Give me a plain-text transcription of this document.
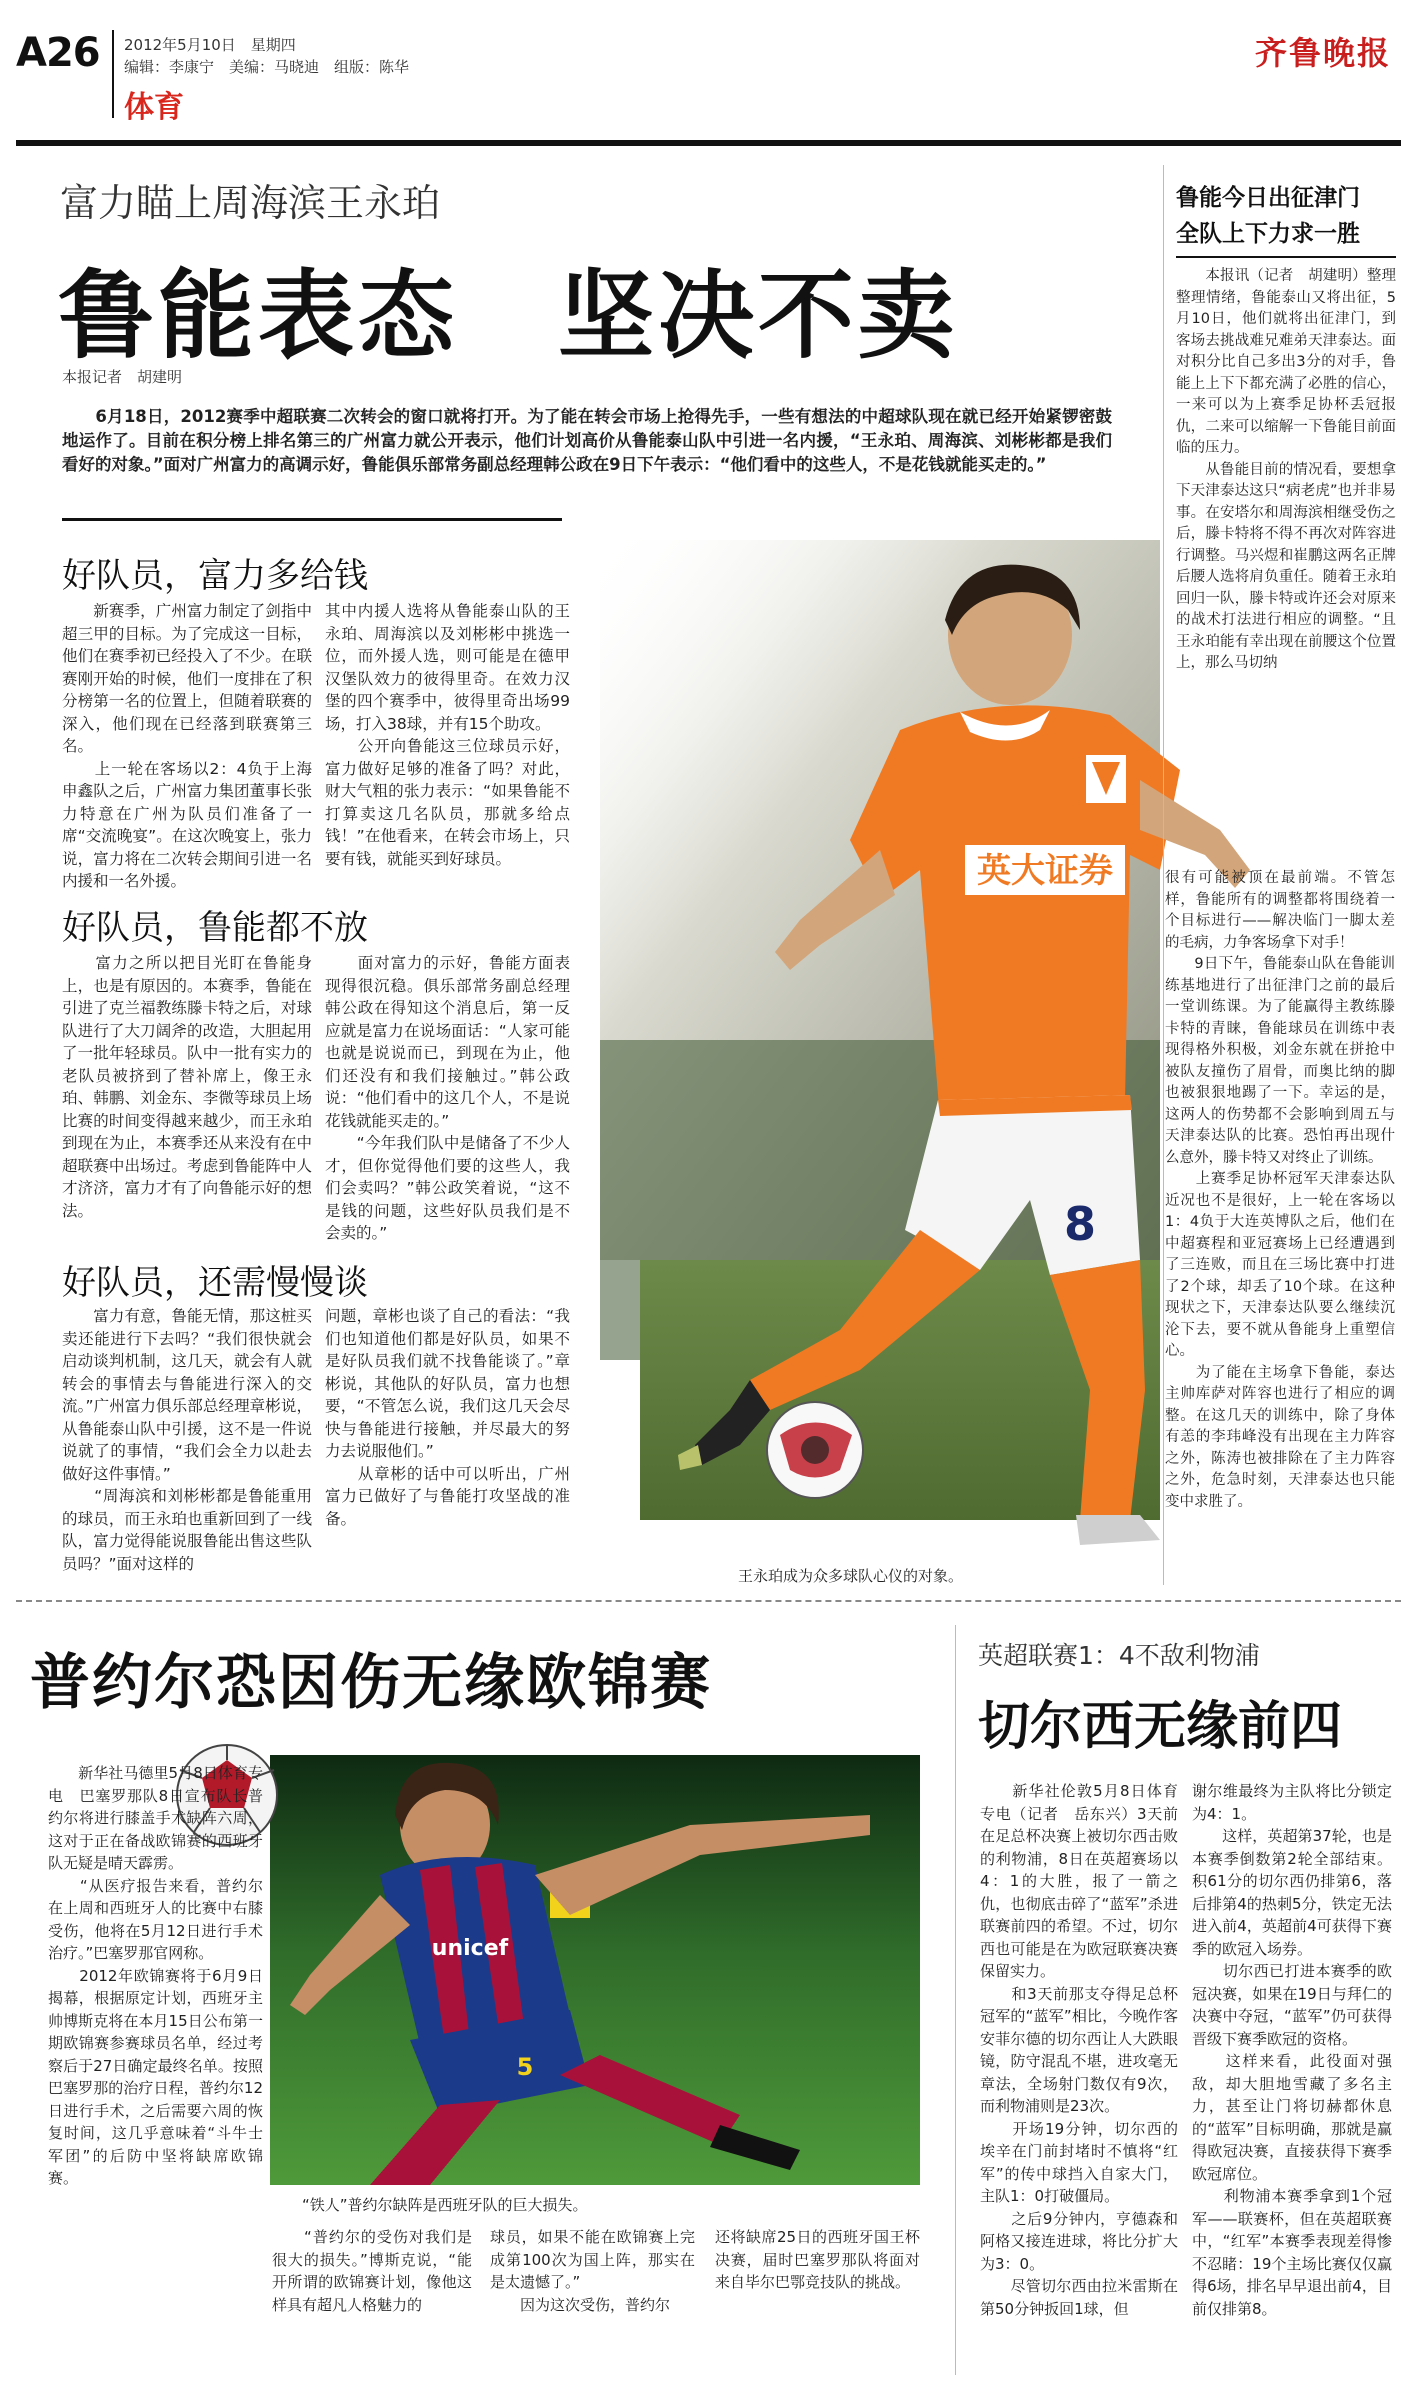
A26 2012年5月10日　星期四
编辑：李康宁　美编：马晓迪　组版：陈华
体育
齐鲁晚报
富力瞄上周海滨王永珀
鲁能表态　坚决不卖
本报记者　胡建明
　　6月18日，2012赛季中超联赛二次转会的窗口就将打开。为了能在转会市场上抢得先手，一些有想法的中超球队现在就已经开始紧锣密鼓地运作了。目前在积分榜上排名第三的广州富力就公开表示，他们计划高价从鲁能泰山队中引进一名内援，“王永珀、周海滨、刘彬彬都是我们看好的对象。”面对广州富力的高调示好，鲁能俱乐部常务副总经理韩公政在9日下午表示：“他们看中的这些人，不是花钱就能买走的。”
好队员，富力多给钱
　　新赛季，广州富力制定了剑指中超三甲的目标。为了完成这一目标，他们在赛季初已经投入了不少。在联赛刚开始的时候，他们一度排在了积分榜第一名的位置上，但随着联赛的深入，他们现在已经落到联赛第三名。
　　上一轮在客场以2：4负于上海申鑫队之后，广州富力集团董事长张力特意在广州为队员们准备了一席“交流晚宴”。在这次晚宴上，张力说，富力将在二次转会期间引进一名内援和一名外援。
其中内援人选将从鲁能泰山队的王永珀、周海滨以及刘彬彬中挑选一位，而外援人选，则可能是在德甲汉堡队效力的彼得里奇。在效力汉堡的四个赛季中，彼得里奇出场99场，打入38球，并有15个助攻。
　　公开向鲁能这三位球员示好，富力做好足够的准备了吗？对此，财大气粗的张力表示：“如果鲁能不打算卖这几名队员，那就多给点钱！”在他看来，在转会市场上，只要有钱，就能买到好球员。
好队员，鲁能都不放
　　富力之所以把目光盯在鲁能身上，也是有原因的。本赛季，鲁能在引进了克兰福教练滕卡特之后，对球队进行了大刀阔斧的改造，大胆起用了一批年轻球员。队中一批有实力的老队员被挤到了替补席上，像王永珀、韩鹏、刘金东、李微等球员上场比赛的时间变得越来越少，而王永珀到现在为止，本赛季还从来没有在中超联赛中出场过。考虑到鲁能阵中人才济济，富力才有了向鲁能示好的想法。
　　面对富力的示好，鲁能方面表现得很沉稳。俱乐部常务副总经理韩公政在得知这个消息后，第一反应就是富力在说场面话：“人家可能也就是说说而已，到现在为止，他们还没有和我们接触过。”韩公政说：“他们看中的这几个人，不是说花钱就能买走的。”
　　“今年我们队中是储备了不少人才，但你觉得他们要的这些人，我们会卖吗？”韩公政笑着说，“这不是钱的问题，这些好队员我们是不会卖的。”
好队员，还需慢慢谈
　　富力有意，鲁能无情，那这桩买卖还能进行下去吗？“我们很快就会启动谈判机制，这几天，就会有人就转会的事情去与鲁能进行深入的交流。”广州富力俱乐部总经理章彬说，从鲁能泰山队中引援，这不是一件说说就了的事情，“我们会全力以赴去做好这件事情。”
　　“周海滨和刘彬彬都是鲁能重用的球员，而王永珀也重新回到了一线队，富力觉得能说服鲁能出售这些队员吗？”面对这样的
问题，章彬也谈了自己的看法：“我们也知道他们都是好队员，如果不是好队员我们就不找鲁能谈了。”章彬说，其他队的好队员，富力也想要，“不管怎么说，我们这几天会尽快与鲁能进行接触，并尽最大的努力去说服他们。”
　　从章彬的话中可以听出，广州富力已做好了与鲁能打攻坚战的准备。
英大证券
8
王永珀成为众多球队心仪的对象。
鲁能今日出征津门
全队上下力求一胜
　　本报讯（记者　胡建明）整理整理情绪，鲁能泰山又将出征，5月10日，他们就将出征津门，到客场去挑战难兄难弟天津泰达。面对积分比自己多出3分的对手，鲁能上上下下都充满了必胜的信心，一来可以为上赛季足协杯丢冠报仇，二来可以缩解一下鲁能目前面临的压力。
　　从鲁能目前的情况看，要想拿下天津泰达这只“病老虎”也并非易事。在安塔尔和周海滨相继受伤之后，滕卡特将不得不再次对阵容进行调整。马兴煜和崔鹏这两名正牌后腰人选将肩负重任。随着王永珀回归一队，滕卡特或许还会对原来的战术打法进行相应的调整。“且王永珀能有幸出现在前腰这个位置上，那么马切纳
很有可能被顶在最前端。不管怎样，鲁能所有的调整都将围绕着一个目标进行——解决临门一脚太差的毛病，力争客场拿下对手！
　　9日下午，鲁能泰山队在鲁能训练基地进行了出征津门之前的最后一堂训练课。为了能赢得主教练滕卡特的青睐，鲁能球员在训练中表现得格外积极，刘金东就在拼抢中被队友撞伤了眉骨，而奥比纳的脚也被狠狠地踢了一下。幸运的是，这两人的伤势都不会影响到周五与天津泰达队的比赛。恐怕再出现什么意外，滕卡特又对终止了训练。
　　上赛季足协杯冠军天津泰达队近况也不是很好，上一轮在客场以1：4负于大连英博队之后，他们在中超赛程和亚冠赛场上已经遭遇到了三连败，而且在三场比赛中打进了2个球，却丢了10个球。在这种现状之下，天津泰达队要么继续沉沦下去，要不就从鲁能身上重塑信心。
　　为了能在主场拿下鲁能，泰达主帅库萨对阵容也进行了相应的调整。在这几天的训练中，除了身体有恙的李玮峰没有出现在主力阵容之外，陈涛也被排除在了主力阵容之外，危急时刻，天津泰达也只能变中求胜了。
普约尔恐因伤无缘欧锦赛
unicef
5
　　新华社马德里5月8日体育专电　巴塞罗那队8日宣布队长普约尔将进行膝盖手术缺阵六周，这对于正在备战欧锦赛的西班牙队无疑是晴天霹雳。
　　“从医疗报告来看，普约尔在上周和西班牙人的比赛中右膝受伤，他将在5月12日进行手术治疗。”巴塞罗那官网称。
　　2012年欧锦赛将于6月9日揭幕，根据原定计划，西班牙主帅博斯克将在本月15日公布第一期欧锦赛参赛球员名单，经过考察后于27日确定最终名单。按照巴塞罗那的治疗日程，普约尔12日进行手术，之后需要六周的恢复时间，这几乎意味着“斗牛士军团”的后防中坚将缺席欧锦赛。
“铁人”普约尔缺阵是西班牙队的巨大损失。
　　“普约尔的受伤对我们是很大的损失。”博斯克说，“能开所谓的欧锦赛计划，像他这样具有超凡人格魅力的
球员，如果不能在欧锦赛上完成第100次为国上阵，那实在是太遗憾了。”
　　因为这次受伤，普约尔
还将缺席25日的西班牙国王杯决赛，届时巴塞罗那队将面对来自毕尔巴鄂竞技队的挑战。
英超联赛1：4不敌利物浦
切尔西无缘前四
　　新华社伦敦5月8日体育专电（记者　岳东兴）3天前在足总杯决赛上被切尔西击败的利物浦，8日在英超赛场以4：1的大胜，报了一箭之仇，也彻底击碎了“蓝军”杀进联赛前四的希望。不过，切尔西也可能是在为欧冠联赛决赛保留实力。
　　和3天前那支夺得足总杯冠军的“蓝军”相比，今晚作客安菲尔德的切尔西让人大跌眼镜，防守混乱不堪，进攻毫无章法，全场射门数仅有9次，而利物浦则是23次。
　　开场19分钟，切尔西的埃辛在门前封堵时不慎将“红军”的传中球挡入自家大门，主队1：0打破僵局。
　　之后9分钟内，亨德森和阿格又接连进球，将比分扩大为3：0。
　　尽管切尔西由拉米雷斯在第50分钟扳回1球，但
谢尔维最终为主队将比分锁定为4：1。
　　这样，英超第37轮，也是本赛季倒数第2轮全部结束。积61分的切尔西仍排第6，落后排第4的热刺5分，铁定无法进入前4，英超前4可获得下赛季的欧冠入场券。
　　切尔西已打进本赛季的欧冠决赛，如果在19日与拜仁的决赛中夺冠，“蓝军”仍可获得晋级下赛季欧冠的资格。
　　这样来看，此役面对强敌，却大胆地雪藏了多名主力，甚至让门将切赫都休息的“蓝军”目标明确，那就是赢得欧冠决赛，直接获得下赛季欧冠席位。
　　利物浦本赛季拿到1个冠军——联赛杯，但在英超联赛中，“红军”本赛季表现差得惨不忍睹：19个主场比赛仅仅赢得6场，排名早早退出前4，目前仅排第8。
